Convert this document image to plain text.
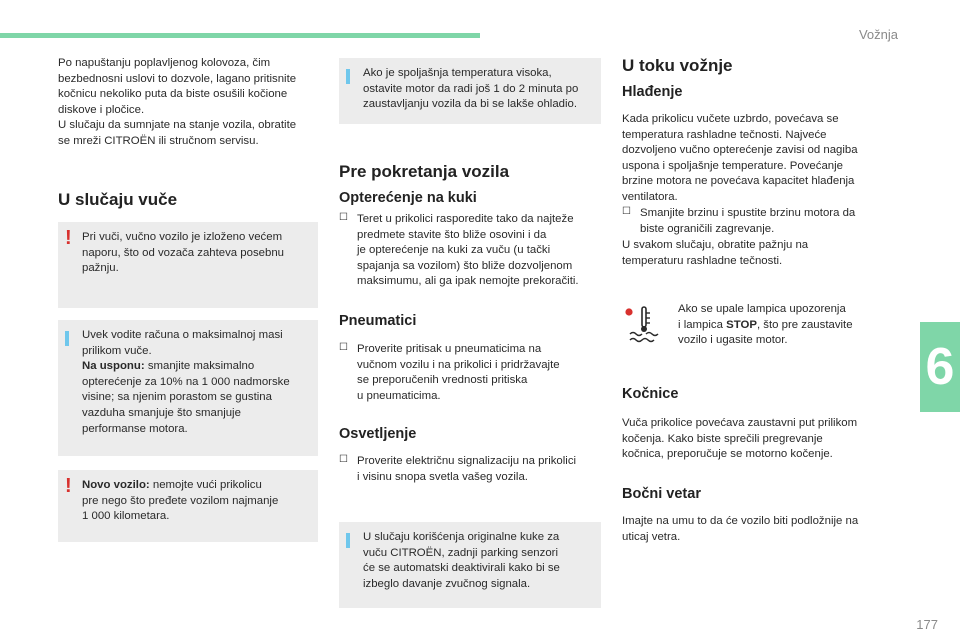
Vožnja
6
177

Po napuštanju poplavljenog kolovoza, čim

bezbednosni uslovi to dozvole, lagano pritisnite

kočnicu nekoliko puta da biste osušili kočione

diskove i pločice.

U slučaju da sumnjate na stanje vozila, obratite

se mreži CITROËN ili stručnom servisu.

U slučaju vuče
! Pri vuči, vučno vozilo je izloženo većem

naporu, što od vozača zahteva posebnu

pažnju.

Uvek vodite računa o maksimalnoj masi

prilikom vuče.

Na usponu: smanjite maksimalno

opterećenje za 10% na 1 000 nadmorske

visine; sa njenim porastom se gustina

vazduha smanjuje što smanjuje

performanse motora.

! Novo vozilo: nemojte vući prikolicu

pre nego što pređete vozilom najmanje

1 000 kilometara.

Ako je spoljašnja temperatura visoka,

ostavite motor da radi još 1 do 2 minuta po

zaustavljanju vozila da bi se lakše ohladio.

Pre pokretanja vozila
Opterećenje na kuki
☐ Teret u prikolici rasporedite tako da najteže

predmete stavite što bliže osovini i da

je opterećenje na kuki za vuču (u tački

spajanja sa vozilom) što bliže dozvoljenom

maksimumu, ali ga ipak nemojte prekoračiti.

Pneumatici
☐ Proverite pritisak u pneumaticima na

vučnom vozilu i na prikolici i pridržavajte

se preporučenih vrednosti pritiska

u pneumaticima.

Osvetljenje
☐ Proverite električnu signalizaciju na prikolici

i visinu snopa svetla vašeg vozila.

U slučaju korišćenja originalne kuke za

vuču CITROËN, zadnji parking senzori

će se automatski deaktivirali kako bi se

izbeglo davanje zvučnog signala.

U toku vožnje
Hlađenje

Kada prikolicu vučete uzbrdo, povećava se

temperatura rashladne tečnosti. Najveće

dozvoljeno vučno opterećenje zavisi od nagiba

uspona i spoljašnje temperature. Povećanje

brzine motora ne povećava kapacitet hlađenja

ventilatora.

☐ Smanjite brzinu i spustite brzinu motora da

biste ograničili zagrevanje.

U svakom slučaju, obratite pažnju na

temperaturu rashladne tečnosti.

Ako se upale lampica upozorenja

i lampica STOP, što pre zaustavite

vozilo i ugasite motor.

Kočnice

Vuča prikolice povećava zaustavni put prilikom

kočenja. Kako biste sprečili pregrevanje

kočnica, preporučuje se motorno kočenje.

Bočni vetar

Imajte na umu to da će vozilo biti podložnije na

uticaj vetra.
